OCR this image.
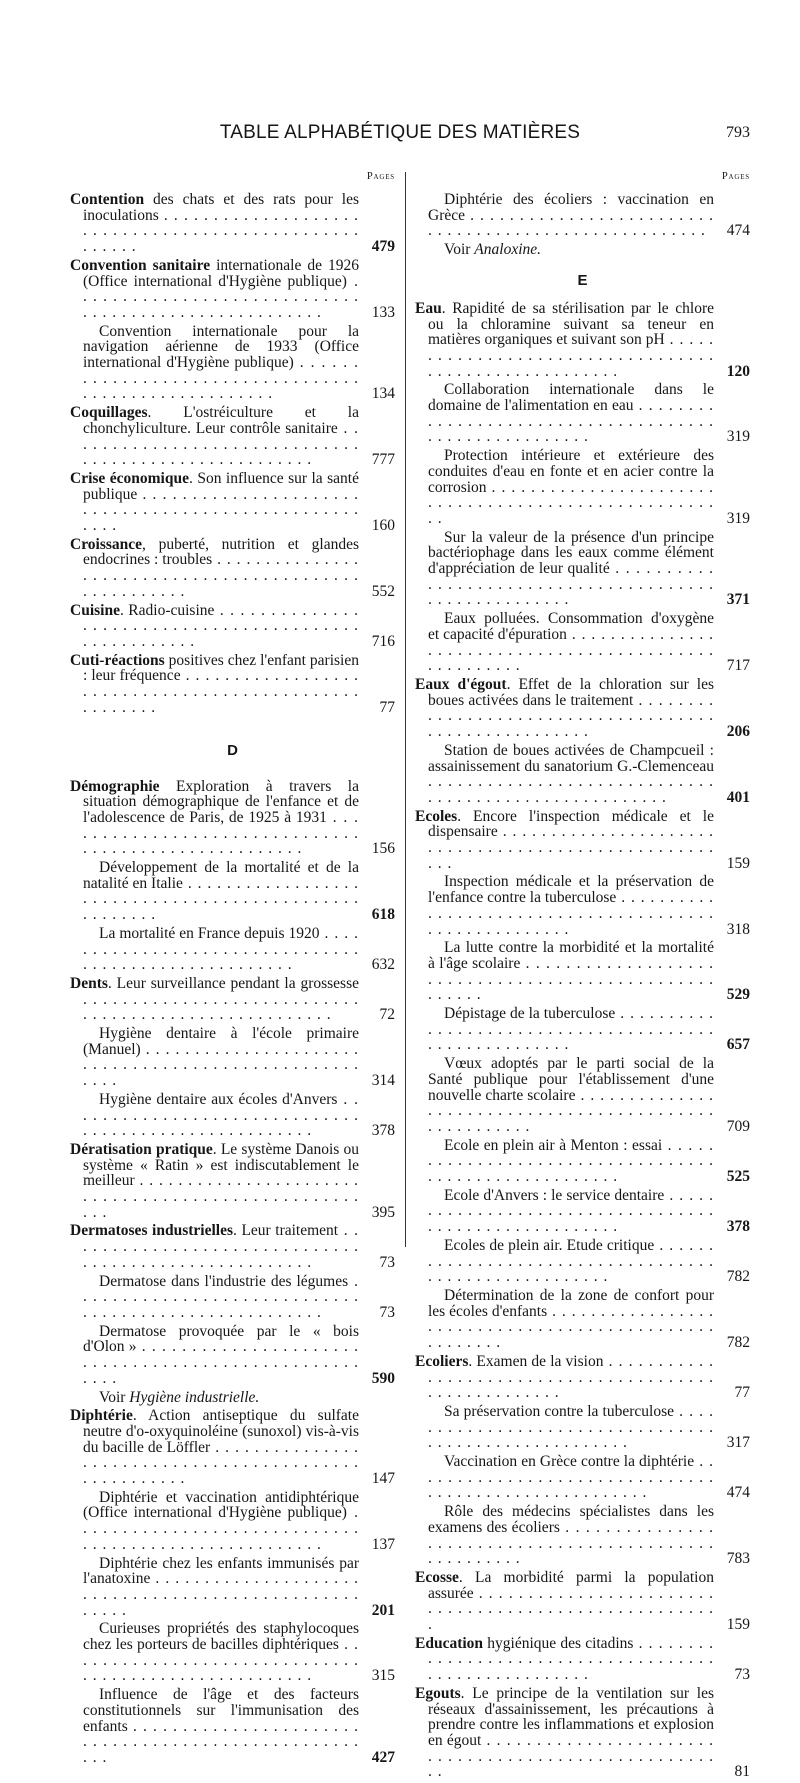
TABLE ALPHABÉTIQUE DES MATIÈRES	793
Pages
Contention des chats et des rats pour les inoculations . . .
479
Convention sanitaire internationale de 1926 (Office international d'Hygiène publique) . . .
133
Convention internationale pour la navigation aérienne de 1933 (Office international d'Hygiène publique) . . .
134
Coquillages. L'ostréiculture et la chonchyliculture. Leur contrôle sanitaire . . .
777
Crise économique. Son influence sur la santé publique . . .
160
Croissance, puberté, nutrition et glandes endocrines : troubles . . .
552
Cuisine. Radio-cuisine . . .
716
Cuti-réactions positives chez l'enfant parisien : leur fréquence . . .
77
D
Démographie Exploration à travers la situation démographique de l'enfance et de l'adolescence de Paris, de 1925 à 1931 . . .
156
Développement de la mortalité et de la natalité en Italie . . .
618
La mortalité en France depuis 1920 . . .
632
Dents. Leur surveillance pendant la grossesse . . .
72
Hygiène dentaire à l'école primaire (Manuel) . . .
314
Hygiène dentaire aux écoles d'Anvers . . .
378
Dératisation pratique. Le système Danois ou système « Ratin » est indiscutablement le meilleur . . .
395
Dermatoses industrielles. Leur traitement . . .
73
Dermatose dans l'industrie des légumes . . .
73
Dermatose provoquée par le « bois d'Olon » . . .
590
Voir Hygiène industrielle.
Diphtérie. Action antiseptique du sulfate neutre d'o-oxyquinoléine (sunoxol) vis-à-vis du bacille de Löffler . . .
147
Diphtérie et vaccination antidiphtérique (Office international d'Hygiène publique) . . .
137
Diphtérie chez les enfants immunisés par l'anatoxine . . .
201
Curieuses propriétés des staphylocoques chez les porteurs de bacilles diphtériques . . .
315
Influence de l'âge et des facteurs constitutionnels sur l'immunisation des enfants . . .
427
Pages
Diphtérie des écoliers : vaccination en Grèce . . .
474
Voir Analoxine.
E
Eau. Rapidité de sa stérilisation par le chlore ou la chloramine suivant sa teneur en matières organiques et suivant son pH . . .
120
Collaboration internationale dans le domaine de l'alimentation en eau . . .
319
Protection intérieure et extérieure des conduites d'eau en fonte et en acier contre la corrosion . . .
319
Sur la valeur de la présence d'un principe bactériophage dans les eaux comme élément d'appréciation de leur qualité . . .
371
Eaux polluées. Consommation d'oxygène et capacité d'épuration . . .
717
Eaux d'égout. Effet de la chloration sur les boues activées dans le traitement . . .
206
Station de boues activées de Champcueil : assainissement du sanatorium G.-Clemenceau . . .
401
Ecoles. Encore l'inspection médicale et le dispensaire . . .
159
Inspection médicale et la préservation de l'enfance contre la tuberculose . . .
318
La lutte contre la morbidité et la mortalité à l'âge scolaire . . .
529
Dépistage de la tuberculose . . .
657
Vœux adoptés par le parti social de la Santé publique pour l'établissement d'une nouvelle charte scolaire . . .
709
Ecole en plein air à Menton : essai . . .
525
Ecole d'Anvers : le service dentaire . . .
378
Ecoles de plein air. Etude critique . . .
782
Détermination de la zone de confort pour les écoles d'enfants . . .
782
Ecoliers. Examen de la vision . . .
77
Sa préservation contre la tuberculose . . .
317
Vaccination en Grèce contre la diphtérie . . .
474
Rôle des médecins spécialistes dans les examens des écoliers . . .
783
Ecosse. La morbidité parmi la population assurée . . .
159
Education hygiénique des citadins . . .
73
Egouts. Le principe de la ventilation sur les réseaux d'assainissement, les précautions à prendre contre les inflammations et explosion en égout . . .
81
